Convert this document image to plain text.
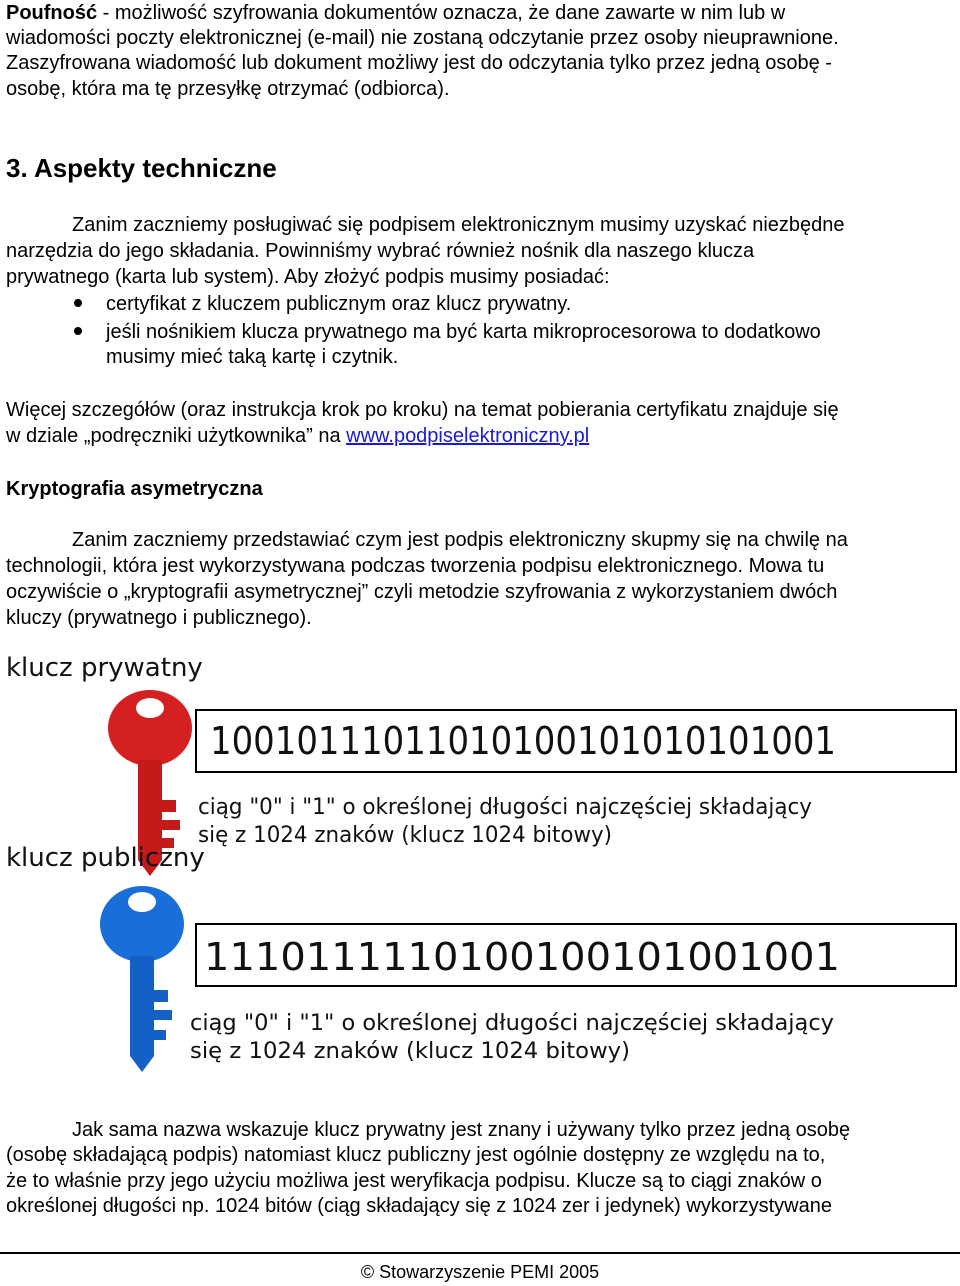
Poufność - możliwość szyfrowania dokumentów oznacza, że dane zawarte w nim lub w
wiadomości poczty elektronicznej (e-mail) nie zostaną odczytanie przez osoby nieuprawnione.
Zaszyfrowana wiadomość lub dokument możliwy jest do odczytania tylko przez jedną osobę -
osobę, która ma tę przesyłkę otrzymać (odbiorca).
3. Aspekty techniczne
Zanim zaczniemy posługiwać się podpisem elektronicznym musimy uzyskać niezbędne
narzędzia do jego składania. Powinniśmy wybrać również nośnik dla naszego klucza
prywatnego (karta lub system). Aby złożyć podpis musimy posiadać:
certyfikat z kluczem publicznym oraz klucz prywatny.
jeśli nośnikiem klucza prywatnego ma być karta mikroprocesorowa to dodatkowo
musimy mieć taką kartę i czytnik.
Więcej szczegółów (oraz instrukcja krok po kroku) na temat pobierania certyfikatu znajduje się
w dziale „podręczniki użytkownika” na www.podpiselektroniczny.pl
Kryptografia asymetryczna
Zanim zaczniemy przedstawiać czym jest podpis elektroniczny skupmy się na chwilę na
technologii, która jest wykorzystywana podczas tworzenia podpisu elektronicznego. Mowa tu
oczywiście o „kryptografii asymetrycznej” czyli metodzie szyfrowania z wykorzystaniem dwóch
kluczy (prywatnego i publicznego).
klucz prywatny
10010111011010100101010101001
ciąg "0" i "1" o określonej długości najczęściej składający
się z 1024 znaków (klucz 1024 bitowy)
klucz publiczny
1110111110100100101001001
ciąg "0" i "1" o określonej długości najczęściej składający
się z 1024 znaków (klucz 1024 bitowy)
Jak sama nazwa wskazuje klucz prywatny jest znany i używany tylko przez jedną osobę
(osobę składającą podpis) natomiast klucz publiczny jest ogólnie dostępny ze względu na to,
że to właśnie przy jego użyciu możliwa jest weryfikacja podpisu. Klucze są to ciągi znaków o
określonej długości np. 1024 bitów (ciąg składający się z 1024 zer i jedynek) wykorzystywane
© Stowarzyszenie PEMI 2005
